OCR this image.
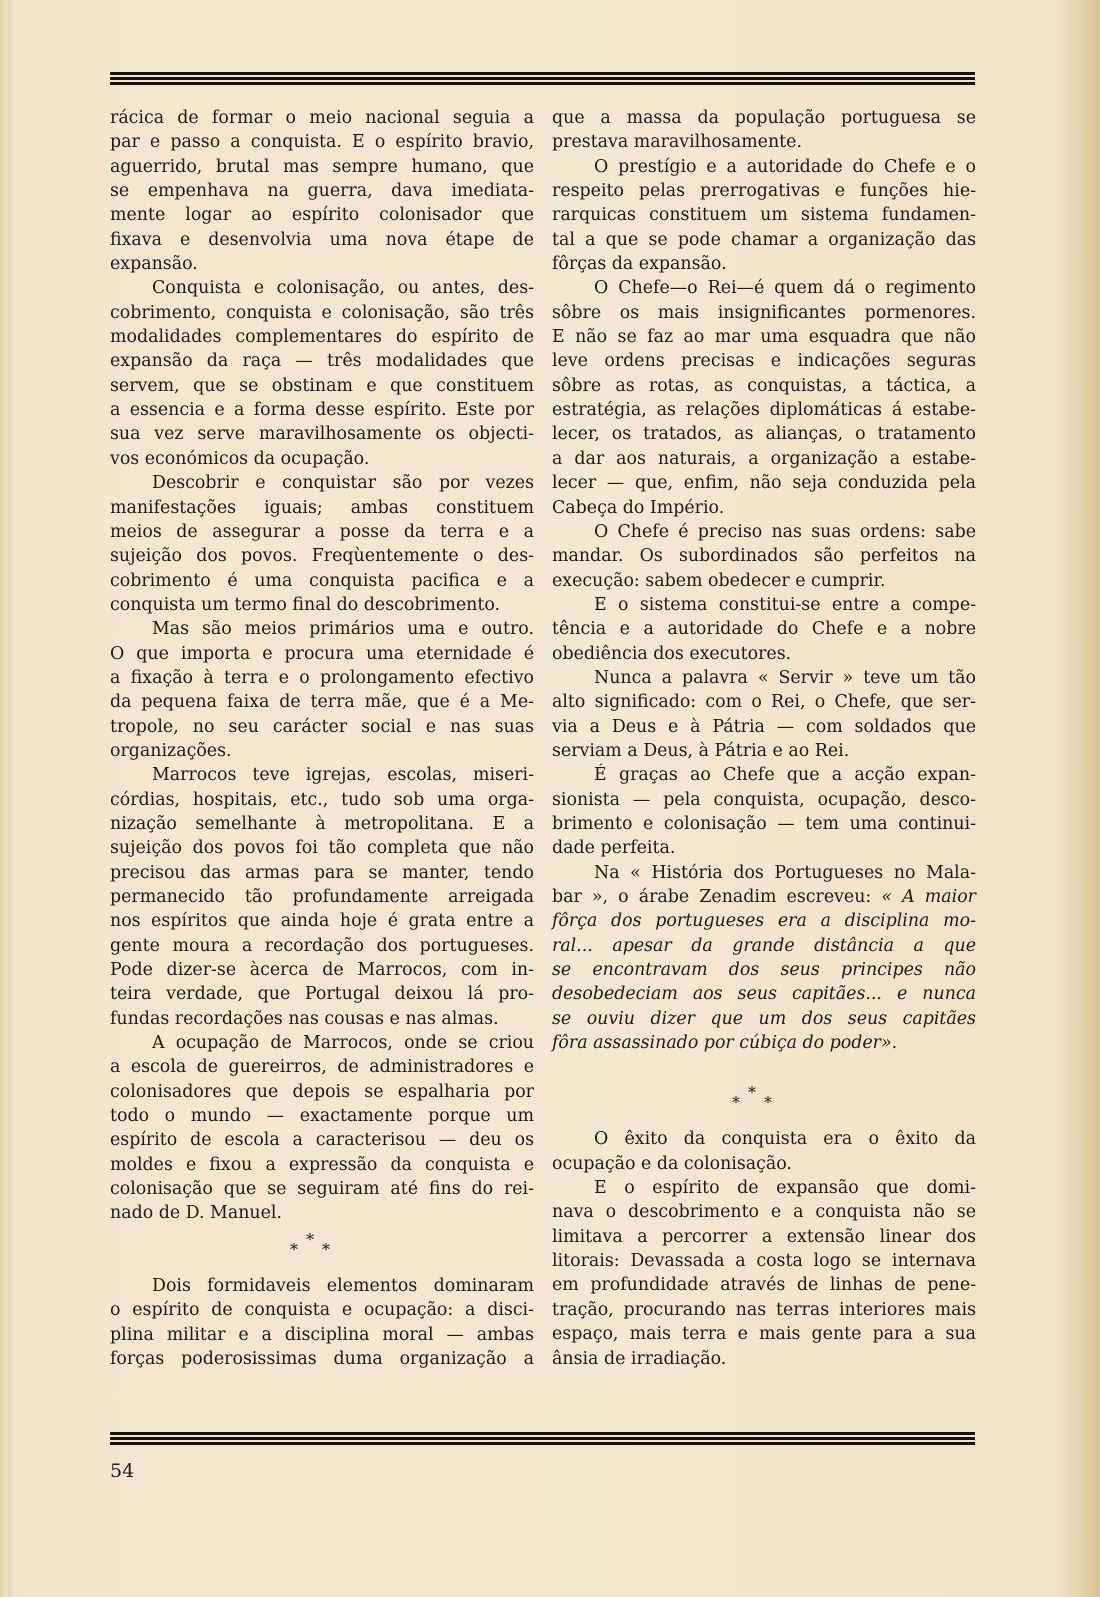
rácica de formar o meio nacional seguia a
par e passo a conquista. E o espírito bravio,
aguerrido, brutal mas sempre humano, que
se empenhava na guerra, dava imediata-
mente logar ao espírito colonisador que
fixava e desenvolvia uma nova étape de
expansão.
Conquista e colonisação, ou antes, des-
cobrimento, conquista e colonisação, são três
modalidades complementares do espírito de
expansão da raça — três modalidades que
servem, que se obstinam e que constituem
a essencia e a forma desse espírito. Este por
sua vez serve maravilhosamente os objecti-
vos económicos da ocupação.
Descobrir e conquistar são por vezes
manifestações iguais; ambas constituem
meios de assegurar a posse da terra e a
sujeição dos povos. Freqùentemente o des-
cobrimento é uma conquista pacifica e a
conquista um termo final do descobrimento.
Mas são meios primários uma e outro.
O que importa e procura uma eternidade é
a fixação à terra e o prolongamento efectivo
da pequena faixa de terra mãe, que é a Me-
tropole, no seu carácter social e nas suas
organizações.
Marrocos teve igrejas, escolas, miseri-
córdias, hospitais, etc., tudo sob uma orga-
nização semelhante à metropolitana. E a
sujeição dos povos foi tão completa que não
precisou das armas para se manter, tendo
permanecido tão profundamente arreigada
nos espíritos que ainda hoje é grata entre a
gente moura a recordação dos portugueses.
Pode dizer-se àcerca de Marrocos, com in-
teira verdade, que Portugal deixou lá pro-
fundas recordações nas cousas e nas almas.
A ocupação de Marrocos, onde se criou
a escola de guereirros, de administradores e
colonisadores que depois se espalharia por
todo o mundo — exactamente porque um
espírito de escola a caracterisou — deu os
moldes e fixou a expressão da conquista e
colonisação que se seguiram até fins do rei-
nado de D. Manuel.
*
* *
Dois formidaveis elementos dominaram
o espírito de conquista e ocupação: a disci-
plina militar e a disciplina moral — ambas
forças poderosissimas duma organização a
que a massa da população portuguesa se
prestava maravilhosamente.
O prestígio e a autoridade do Chefe e o
respeito pelas prerrogativas e funções hie-
rarquicas constituem um sistema fundamen-
tal a que se pode chamar a organização das
fôrças da expansão.
O Chefe—o Rei—é quem dá o regimento
sôbre os mais insignificantes pormenores.
E não se faz ao mar uma esquadra que não
leve ordens precisas e indicações seguras
sôbre as rotas, as conquistas, a táctica, a
estratégia, as relações diplomáticas á estabe-
lecer, os tratados, as alianças, o tratamento
a dar aos naturais, a organização a estabe-
lecer — que, enfim, não seja conduzida pela
Cabeça do Império.
O Chefe é preciso nas suas ordens: sabe
mandar. Os subordinados são perfeitos na
execução: sabem obedecer e cumprir.
E o sistema constitui-se entre a compe-
tência e a autoridade do Chefe e a nobre
obediência dos executores.
Nunca a palavra « Servir » teve um tão
alto significado: com o Rei, o Chefe, que ser-
via a Deus e à Pátria — com soldados que
serviam a Deus, à Pátria e ao Rei.
É graças ao Chefe que a acção expan-
sionista — pela conquista, ocupação, desco-
brimento e colonisação — tem uma continui-
dade perfeita.
Na « História dos Portugueses no Mala-
bar », o árabe Zenadim escreveu: « A maior
fôrça dos portugueses era a disciplina mo-
ral... apesar da grande distância a que
se encontravam dos seus principes não
desobedeciam aos seus capitães... e nunca
se ouviu dizer que um dos seus capitães
fôra assassinado por cúbiça do poder».
*
* *
O êxito da conquista era o êxito da
ocupação e da colonisação.
E o espírito de expansão que domi-
nava o descobrimento e a conquista não se
limitava a percorrer a extensão linear dos
litorais: Devassada a costa logo se internava
em profundidade através de linhas de pene-
tração, procurando nas terras interiores mais
espaço, mais terra e mais gente para a sua
ânsia de irradiação.
54
